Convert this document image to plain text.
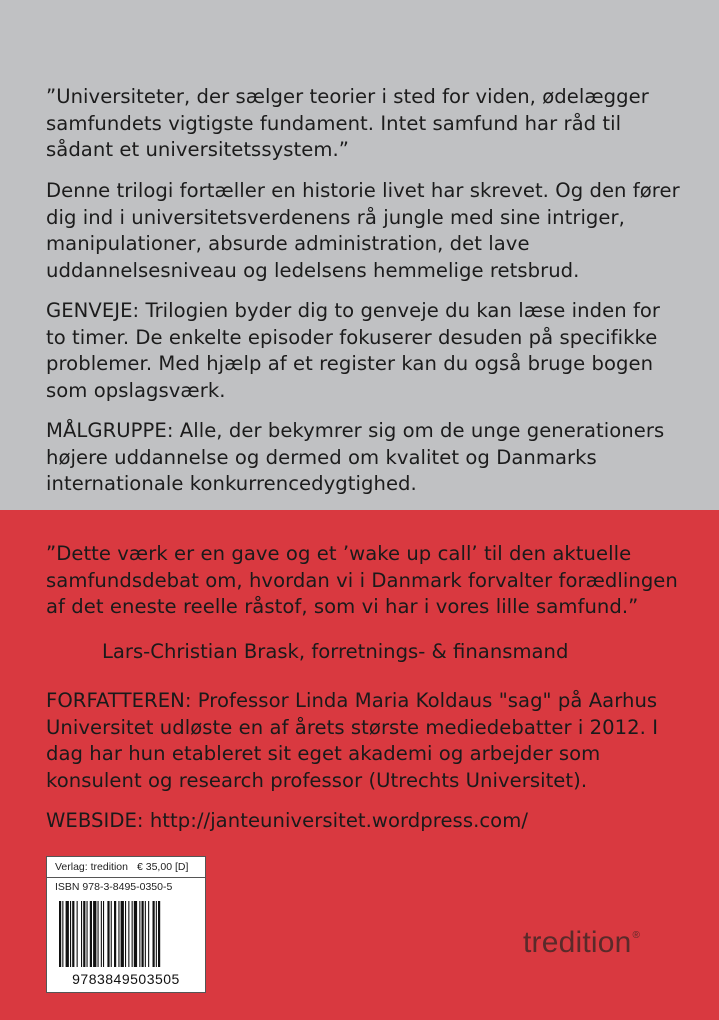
”Universiteter, der sælger teorier i sted for viden, ødelægger samfundets vigtigste fundament. Intet samfund har råd til sådant et universitetssystem.”
Denne trilogi fortæller en historie livet har skrevet. Og den fører dig ind i universitetsverdenens rå jungle med sine intriger, manipulationer, absurde administration, det lave uddannelsesniveau og ledelsens hemmelige retsbrud.
GENVEJE: Trilogien byder dig to genveje du kan læse inden for to timer. De enkelte episoder fokuserer desuden på specifikke problemer. Med hjælp af et register kan du også bruge bogen som opslagsværk.
MÅLGRUPPE: Alle, der bekymrer sig om de unge generationers højere uddannelse og dermed om kvalitet og Danmarks internationale konkurrencedygtighed.
”Dette værk er en gave og et ’wake up call’ til den aktuelle samfundsdebat om, hvordan vi i Danmark forvalter forædlingen af det eneste reelle råstof, som vi har i vores lille samfund.”
Lars-Christian Brask, forretnings- & finansmand
FORFATTEREN: Professor Linda Maria Koldaus "sag" på Aarhus Universitet udløste en af årets største mediedebatter i 2012. I dag har hun etableret sit eget akademi og arbejder som konsulent og research professor (Utrechts Universitet).
WEBSIDE: http://janteuniversitet.wordpress.com/
Verlag: tredition € 35,00 [D]
ISBN 978-3-8495-0350-5
9783849503505
tredition®
